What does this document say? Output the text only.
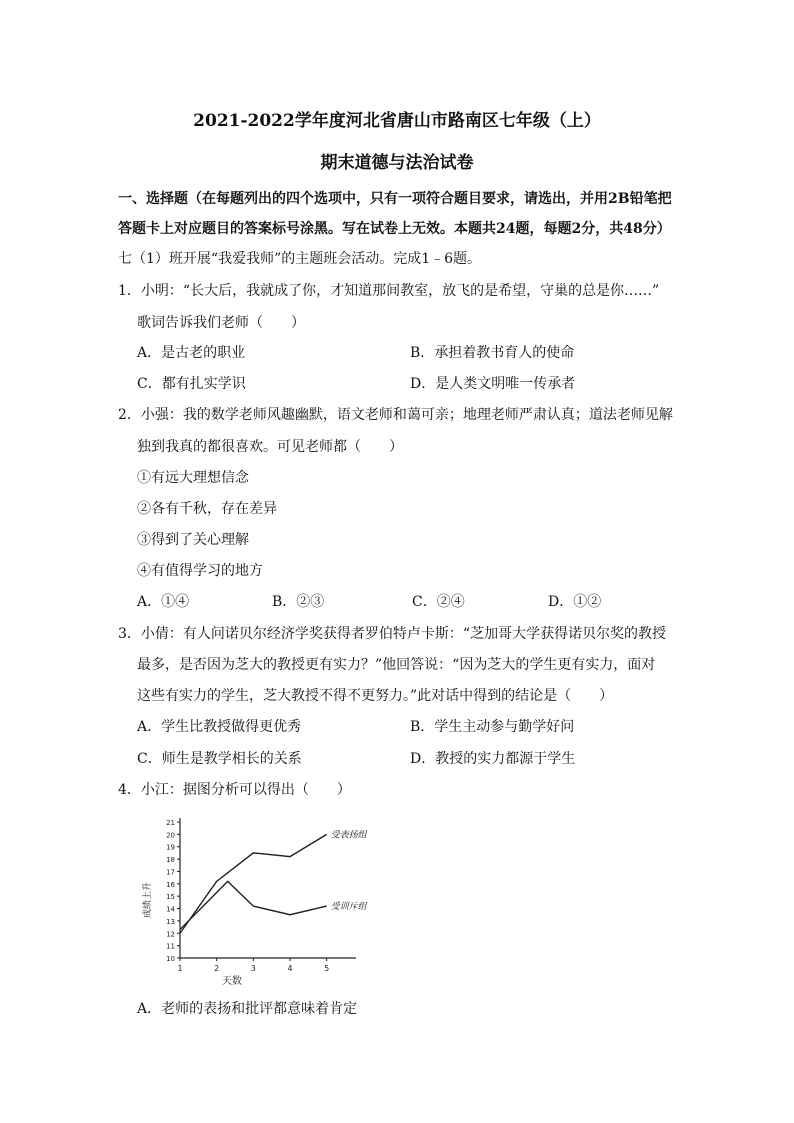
2021-2022学年度河北省唐山市路南区七年级（上）
期末道德与法治试卷
一、选择题（在每题列出的四个选项中，只有一项符合题目要求，请选出，并用2B铅笔把
答题卡上对应题目的答案标号涂黑。写在试卷上无效。本题共24题，每题2分，共48分）
七（1）班开展“我爱我师”的主题班会活动。完成1﹣6题。
1．小明：“长大后，我就成了你，才知道那间教室，放飞的是希望，守巢的总是你……”
歌词告诉我们老师（　　）
A．是古老的职业	B．承担着教书育人的使命
C．都有扎实学识	D．是人类文明唯一传承者
2．小强：我的数学老师风趣幽默，语文老师和蔼可亲；地理老师严肃认真；道法老师见解
独到我真的都很喜欢。可见老师都（　　）
①有远大理想信念
②各有千秋，存在差异
③得到了关心理解
④有值得学习的地方
A．①④	B．②③	C．②④	D．①②
3．小倩：有人问诺贝尔经济学奖获得者罗伯特卢卡斯：“芝加哥大学获得诺贝尔奖的教授
最多，是否因为芝大的教授更有实力？”他回答说：“因为芝大的学生更有实力，面对
这些有实力的学生，芝大教授不得不更努力。”此对话中得到的结论是（　　）
A．学生比教授做得更优秀	B．学生主动参与勤学好问
C．师生是教学相长的关系	D．教授的实力都源于学生
4．小江：据图分析可以得出（　　）
10
11
12
13
14
15
16
17
18
19
20
21
1	2	3	4	5
受表扬组
受训斥组
成绩上升
天数
A．老师的表扬和批评都意味着肯定
